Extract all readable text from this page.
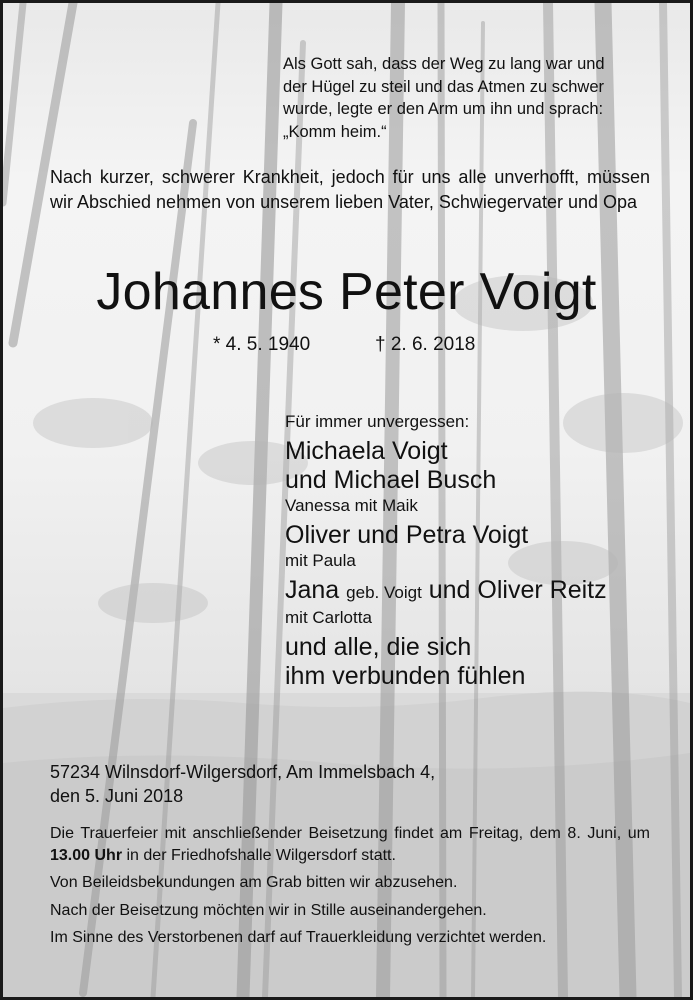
Als Gott sah, dass der Weg zu lang war und
der Hügel zu steil und das Atmen zu schwer
wurde, legte er den Arm um ihn und sprach:
„Komm heim.“
Nach kurzer, schwerer Krankheit, jedoch für uns alle unverhofft, müssen wir Abschied nehmen von unserem lieben Vater, Schwiegervater und Opa
Johannes Peter Voigt
* 4. 5. 1940	† 2. 6. 2018
Für immer unvergessen:
Michaela Voigt
und Michael Busch
Vanessa mit Maik
Oliver und Petra Voigt
mit Paula
Jana geb. Voigt und Oliver Reitz
mit Carlotta
und alle, die sich
ihm verbunden fühlen
57234 Wilnsdorf-Wilgersdorf, Am Immelsbach 4,
den 5. Juni 2018

Die Trauerfeier mit anschließender Beisetzung findet am Freitag, dem 8. Juni, um 13.00 Uhr in der Friedhofshalle Wilgersdorf statt.

Von Beileidsbekundungen am Grab bitten wir abzusehen.

Nach der Beisetzung möchten wir in Stille auseinandergehen.

Im Sinne des Verstorbenen darf auf Trauerkleidung verzichtet werden.
